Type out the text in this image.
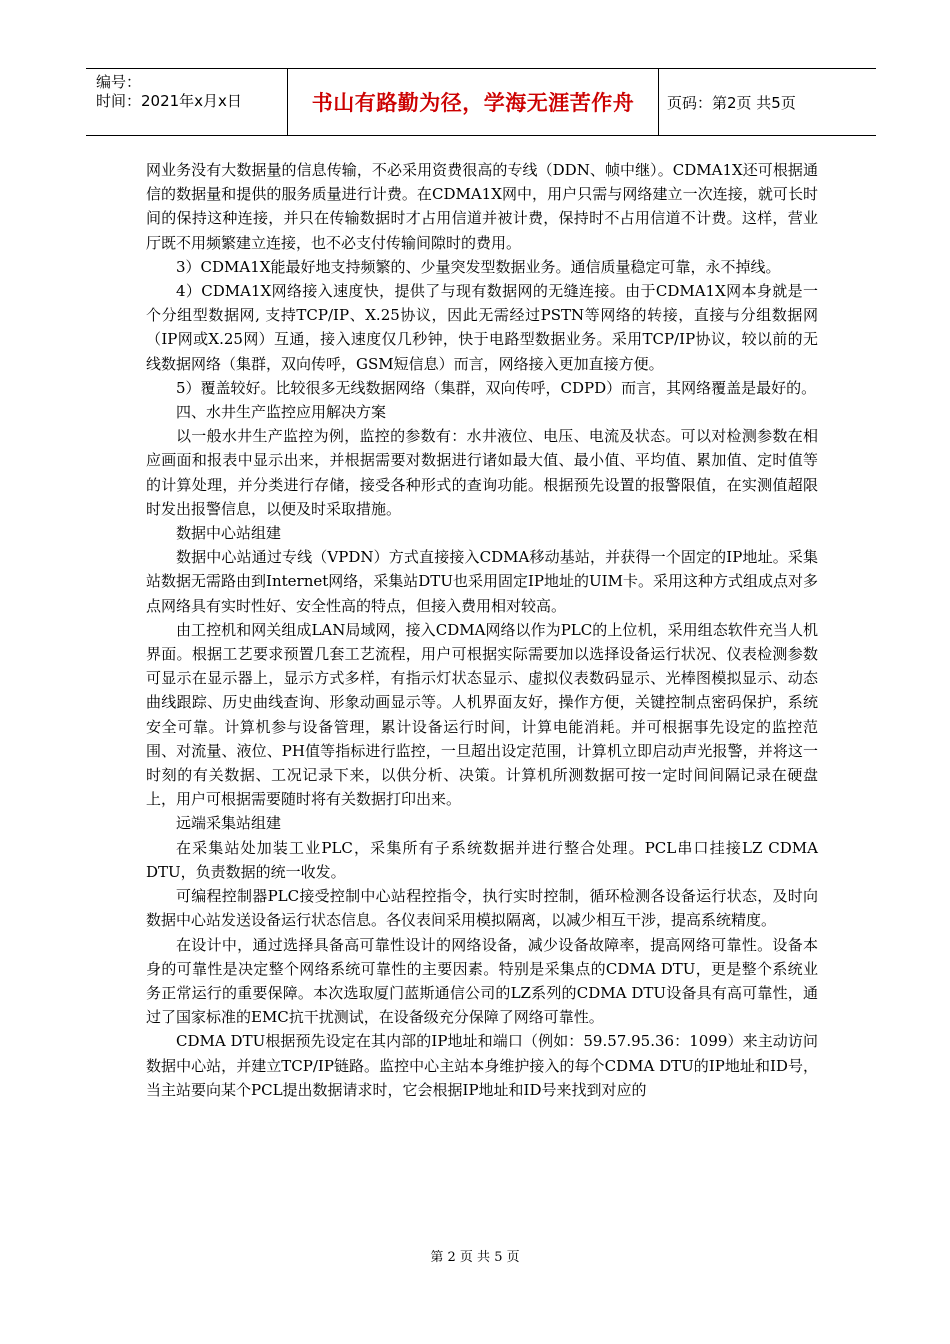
编号：
时间：2021年x月x日	书山有路勤为径，学海无涯苦作舟	页码：第2页 共5页

网业务没有大数据量的信息传输，不必采用资费很高的专线（DDN、帧中继）。CDMA1X还可根据通信的数据量和提供的服务质量进行计费。在CDMA1X网中，用户只需与网络建立一次连接，就可长时间的保持这种连接，并只在传输数据时才占用信道并被计费，保持时不占用信道不计费。这样，营业厅既不用频繁建立连接，也不必支付传输间隙时的费用。

3）CDMA1X能最好地支持频繁的、少量突发型数据业务。通信质量稳定可靠，永不掉线。

4）CDMA1X网络接入速度快，提供了与现有数据网的无缝连接。由于CDMA1X网本身就是一个分组型数据网, 支持TCP/IP、X.25协议，因此无需经过PSTN等网络的转接，直接与分组数据网（IP网或X.25网）互通，接入速度仅几秒钟，快于电路型数据业务。采用TCP/IP协议，较以前的无线数据网络（集群，双向传呼，GSM短信息）而言，网络接入更加直接方便。

5）覆盖较好。比较很多无线数据网络（集群，双向传呼，CDPD）而言，其网络覆盖是最好的。

四、水井生产监控应用解决方案

以一般水井生产监控为例，监控的参数有：水井液位、电压、电流及状态。可以对检测参数在相应画面和报表中显示出来，并根据需要对数据进行诸如最大值、最小值、平均值、累加值、定时值等的计算处理，并分类进行存储，接受各种形式的查询功能。根据预先设置的报警限值，在实测值超限时发出报警信息，以便及时采取措施。

数据中心站组建

数据中心站通过专线（VPDN）方式直接接入CDMA移动基站，并获得一个固定的IP地址。采集站数据无需路由到Internet网络，采集站DTU也采用固定IP地址的UIM卡。采用这种方式组成点对多点网络具有实时性好、安全性高的特点，但接入费用相对较高。

由工控机和网关组成LAN局域网，接入CDMA网络以作为PLC的上位机，采用组态软件充当人机界面。根据工艺要求预置几套工艺流程，用户可根据实际需要加以选择设备运行状况、仪表检测参数可显示在显示器上，显示方式多样，有指示灯状态显示、虚拟仪表数码显示、光棒图模拟显示、动态曲线跟踪、历史曲线查询、形象动画显示等。人机界面友好，操作方便，关键控制点密码保护，系统安全可靠。计算机参与设备管理，累计设备运行时间，计算电能消耗。并可根据事先设定的监控范围、对流量、液位、PH值等指标进行监控，一旦超出设定范围，计算机立即启动声光报警，并将这一时刻的有关数据、工况记录下来，以供分析、决策。计算机所测数据可按一定时间间隔记录在硬盘上，用户可根据需要随时将有关数据打印出来。

远端采集站组建

在采集站处加装工业PLC，采集所有子系统数据并进行整合处理。PCL串口挂接LZ CDMA DTU，负责数据的统一收发。

可编程控制器PLC接受控制中心站程控指令，执行实时控制，循环检测各设备运行状态，及时向数据中心站发送设备运行状态信息。各仪表间采用模拟隔离，以减少相互干涉，提高系统精度。

在设计中，通过选择具备高可靠性设计的网络设备，减少设备故障率，提高网络可靠性。设备本身的可靠性是决定整个网络系统可靠性的主要因素。特别是采集点的CDMA DTU，更是整个系统业务正常运行的重要保障。本次选取厦门蓝斯通信公司的LZ系列的CDMA DTU设备具有高可靠性，通过了国家标准的EMC抗干扰测试，在设备级充分保障了网络可靠性。

CDMA DTU根据预先设定在其内部的IP地址和端口（例如：59.57.95.36：1099）来主动访问数据中心站，并建立TCP/IP链路。监控中心主站本身维护接入的每个CDMA DTU的IP地址和ID号，当主站要向某个PCL提出数据请求时，它会根据IP地址和ID号来找到对应的

第 2 页 共 5 页
